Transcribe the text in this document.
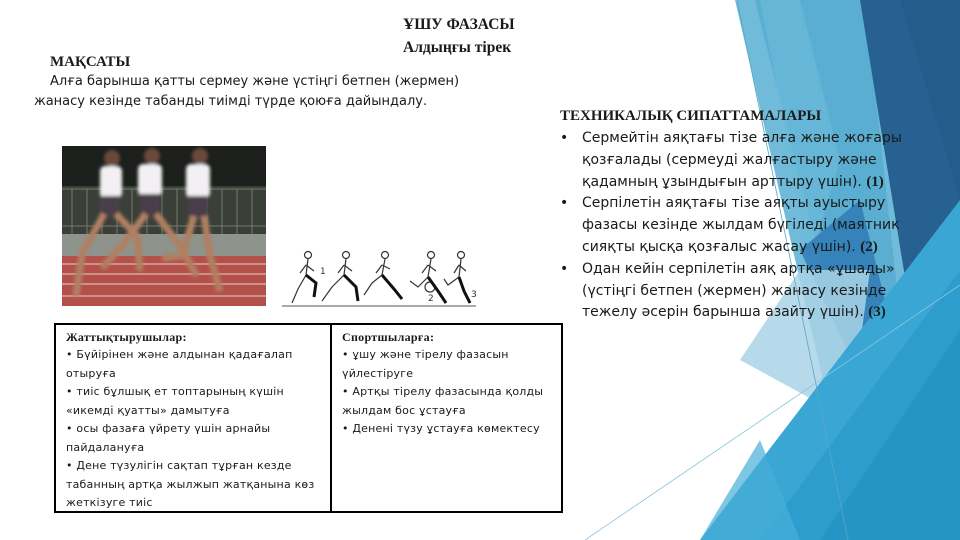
ҰШУ ФАЗАСЫ
Алдыңғы тірек
МАҚСАТЫ
Алға барынша қатты сермеу және үстіңгі бетпен (жермен) жанасу кезінде табанды тиімді түрде қоюға дайындалу.
ТЕХНИКАЛЫҚ СИПАТТАМАЛАРЫ
• Сермейтін аяқтағы тізе алға және жоғары қозғалады (сермеуді жалғастыру және қадамның ұзындығын арттыру үшін). (1)
• Серпілетін аяқтағы тізе аяқты ауыстыру фазасы кезінде жылдам бүгіледі (маятник сияқты қысқа қозғалыс жасау үшін). (2)
• Одан кейін серпілетін аяқ артқа «ұшады» (үстіңгі бетпен (жермен) жанасу кезінде тежелу әсерін барынша азайту үшін). (3)
1
2	3
Жаттықтырушылар:
• Бүйірінен және алдынан қадағалап отыруға
• тиіс бұлшық ет топтарының күшін «икемді қуатты» дамытуға
• осы фазаға үйрету үшін арнайы пайдалануға
• Дене түзулігін сақтап тұрған кезде табанның артқа жылжып жатқанына көз жеткізуге тиіс
Спортшыларға:
• ұшу және тірелу фазасын үйлестіруге
• Артқы тірелу фазасында қолды жылдам бос ұстауға
• Денені түзу ұстауға көмектесу
